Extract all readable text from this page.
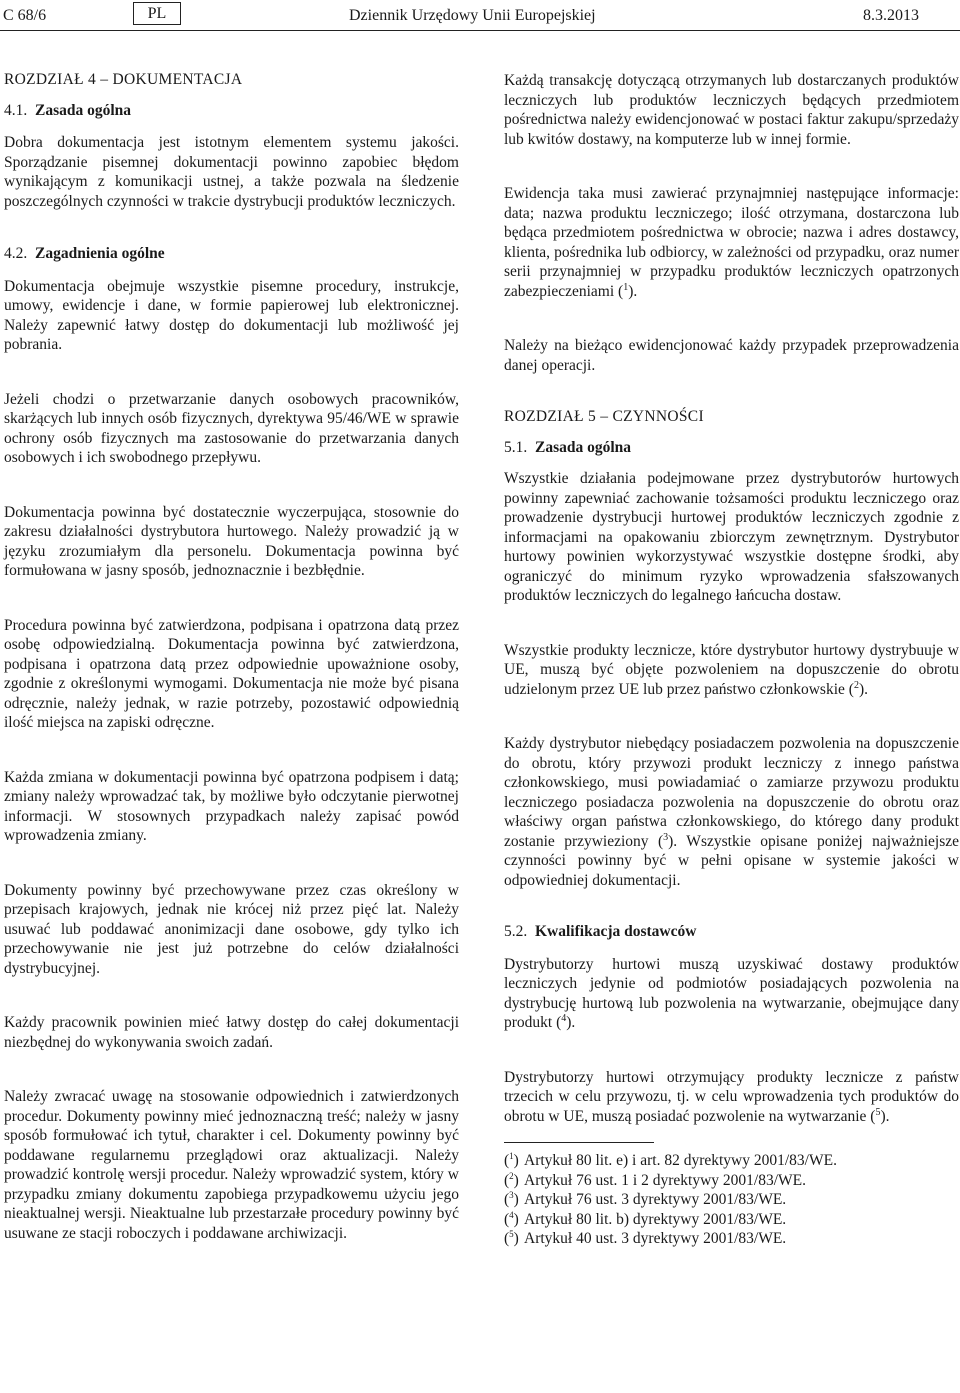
C 68/6	PL	Dziennik Urzędowy Unii Europejskiej	8.3.2013

ROZDZIAŁ 4 – DOKUMENTACJA

4.1. Zasada ogólna

Dobra dokumentacja jest istotnym elementem systemu jakości. Sporządzanie pisemnej dokumentacji powinno zapobiec błędom wynikającym z komunikacji ustnej, a także pozwala na śledzenie poszczególnych czynności w trakcie dystrybucji produktów leczniczych.

4.2. Zagadnienia ogólne

Dokumentacja obejmuje wszystkie pisemne procedury, instrukcje, umowy, ewidencje i dane, w formie papierowej lub elektronicznej. Należy zapewnić łatwy dostęp do dokumentacji lub możliwość jej pobrania.

Jeżeli chodzi o przetwarzanie danych osobowych pracowników, skarżących lub innych osób fizycznych, dyrektywa 95/46/WE w sprawie ochrony osób fizycznych ma zastosowanie do przetwarzania danych osobowych i ich swobodnego przepływu.

Dokumentacja powinna być dostatecznie wyczerpująca, stosownie do zakresu działalności dystrybutora hurtowego. Należy prowadzić ją w języku zrozumiałym dla personelu. Dokumentacja powinna być formułowana w jasny sposób, jednoznacznie i bezbłędnie.

Procedura powinna być zatwierdzona, podpisana i opatrzona datą przez osobę odpowiedzialną. Dokumentacja powinna być zatwierdzona, podpisana i opatrzona datą przez odpowiednie upoważnione osoby, zgodnie z określonymi wymogami. Dokumentacja nie może być pisana odręcznie, należy jednak, w razie potrzeby, pozostawić odpowiednią ilość miejsca na zapiski odręczne.

Każda zmiana w dokumentacji powinna być opatrzona podpisem i datą; zmiany należy wprowadzać tak, by możliwe było odczytanie pierwotnej informacji. W stosownych przypadkach należy zapisać powód wprowadzenia zmiany.

Dokumenty powinny być przechowywane przez czas określony w przepisach krajowych, jednak nie krócej niż przez pięć lat. Należy usuwać lub poddawać anonimizacji dane osobowe, gdy tylko ich przechowywanie nie jest już potrzebne do celów działalności dystrybucyjnej.

Każdy pracownik powinien mieć łatwy dostęp do całej dokumentacji niezbędnej do wykonywania swoich zadań.

Należy zwracać uwagę na stosowanie odpowiednich i zatwierdzonych procedur. Dokumenty powinny mieć jednoznaczną treść; należy w jasny sposób formułować ich tytuł, charakter i cel. Dokumenty powinny być poddawane regularnemu przeglądowi oraz aktualizacji. Należy prowadzić kontrolę wersji procedur. Należy wprowadzić system, który w przypadku zmiany dokumentu zapobiega przypadkowemu użyciu jego nieaktualnej wersji. Nieaktualne lub przestarzałe procedury powinny być usuwane ze stacji roboczych i poddawane archiwizacji.

Każdą transakcję dotyczącą otrzymanych lub dostarczanych produktów leczniczych lub produktów leczniczych będących przedmiotem pośrednictwa należy ewidencjonować w postaci faktur zakupu/sprzedaży lub kwitów dostawy, na komputerze lub w innej formie.

Ewidencja taka musi zawierać przynajmniej następujące informacje: data; nazwa produktu leczniczego; ilość otrzymana, dostarczona lub będąca przedmiotem pośrednictwa w obrocie; nazwa i adres dostawcy, klienta, pośrednika lub odbiorcy, w zależności od przypadku, oraz numer serii przynajmniej w przypadku produktów leczniczych opatrzonych zabezpieczeniami ($^1$).

Należy na bieżąco ewidencjonować każdy przypadek przeprowadzenia danej operacji.

ROZDZIAŁ 5 – CZYNNOŚCI

5.1. Zasada ogólna

Wszystkie działania podejmowane przez dystrybutorów hurtowych powinny zapewniać zachowanie tożsamości produktu leczniczego oraz prowadzenie dystrybucji hurtowej produktów leczniczych zgodnie z informacjami na opakowaniu zbiorczym zewnętrznym. Dystrybutor hurtowy powinien wykorzystywać wszystkie dostępne środki, aby ograniczyć do minimum ryzyko wprowadzenia sfałszowanych produktów leczniczych do legalnego łańcucha dostaw.

Wszystkie produkty lecznicze, które dystrybutor hurtowy dystrybuuje w UE, muszą być objęte pozwoleniem na dopuszczenie do obrotu udzielonym przez UE lub przez państwo członkowskie ($^2$).

Każdy dystrybutor niebędący posiadaczem pozwolenia na dopuszczenie do obrotu, który przywozi produkt leczniczy z innego państwa członkowskiego, musi powiadamiać o zamiarze przywozu produktu leczniczego posiadacza pozwolenia na dopuszczenie do obrotu oraz właściwy organ państwa członkowskiego, do którego dany produkt zostanie przywieziony ($^3$). Wszystkie opisane poniżej najważniejsze czynności powinny być w pełni opisane w systemie jakości w odpowiedniej dokumentacji.

5.2. Kwalifikacja dostawców

Dystrybutorzy hurtowi muszą uzyskiwać dostawy produktów leczniczych jedynie od podmiotów posiadających pozwolenia na dystrybucję hurtową lub pozwolenia na wytwarzanie, obejmujące dany produkt ($^4$).

Dystrybutorzy hurtowi otrzymujący produkty lecznicze z państw trzecich w celu przywozu, tj. w celu wprowadzenia tych produktów do obrotu w UE, muszą posiadać pozwolenie na wytwarzanie ($^5$).

($^1$) Artykuł 80 lit. e) i art. 82 dyrektywy 2001/83/WE.

($^2$) Artykuł 76 ust. 1 i 2 dyrektywy 2001/83/WE.

($^3$) Artykuł 76 ust. 3 dyrektywy 2001/83/WE.

($^4$) Artykuł 80 lit. b) dyrektywy 2001/83/WE.

($^5$) Artykuł 40 ust. 3 dyrektywy 2001/83/WE.
